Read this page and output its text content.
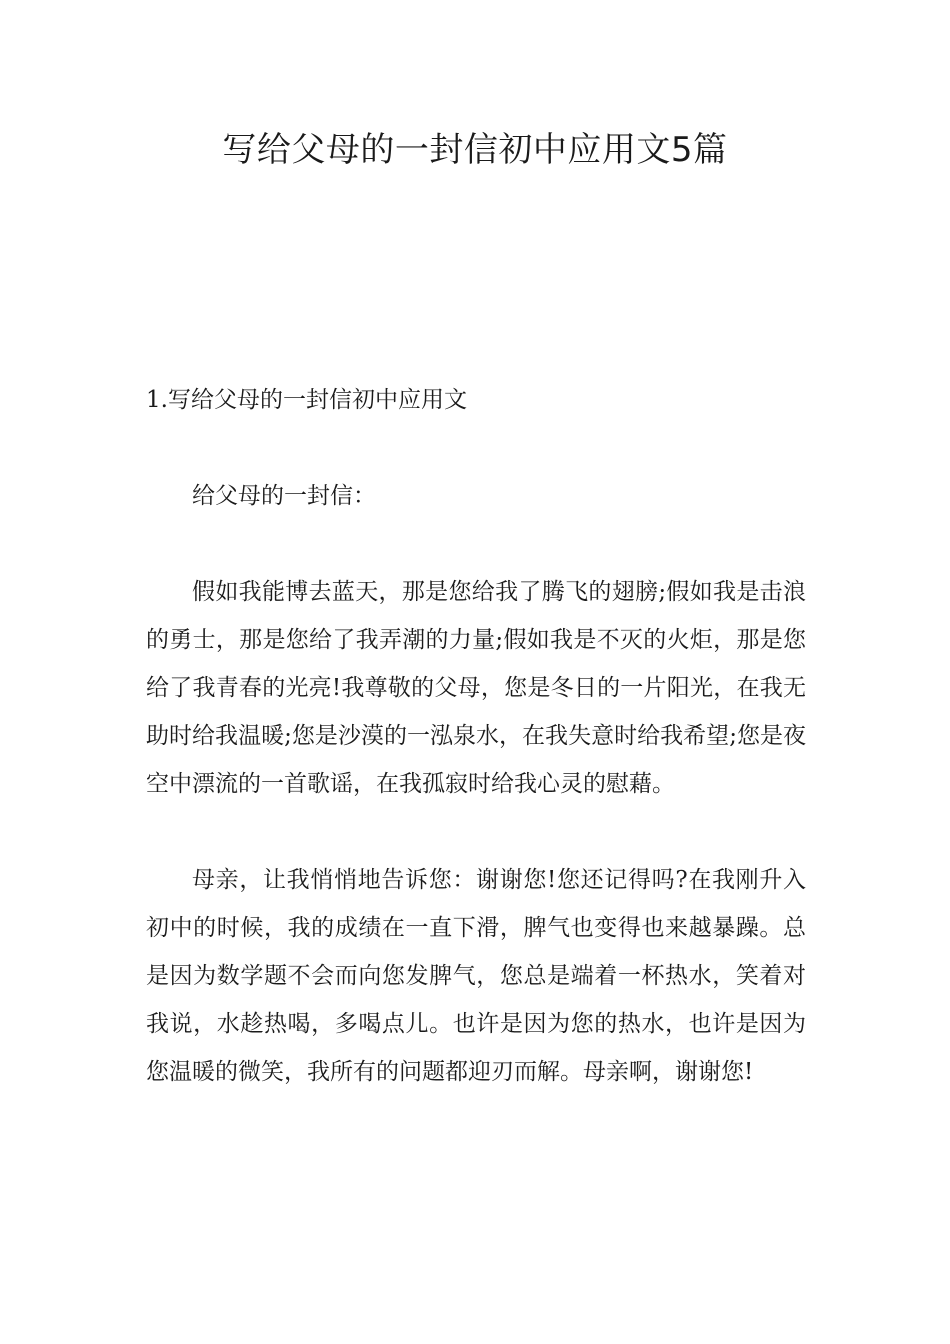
写给父母的一封信初中应用文5篇
1.写给父母的一封信初中应用文

给父母的一封信：

假如我能博去蓝天，那是您给我了腾飞的翅膀;假如我是击浪的勇士，那是您给了我弄潮的力量;假如我是不灭的火炬，那是您给了我青春的光亮!我尊敬的父母，您是冬日的一片阳光，在我无助时给我温暖;您是沙漠的一泓泉水，在我失意时给我希望;您是夜空中漂流的一首歌谣，在我孤寂时给我心灵的慰藉。

母亲，让我悄悄地告诉您：谢谢您!您还记得吗?在我刚升入初中的时候，我的成绩在一直下滑，脾气也变得也来越暴躁。总是因为数学题不会而向您发脾气，您总是端着一杯热水，笑着对我说，水趁热喝，多喝点儿。也许是因为您的热水，也许是因为您温暖的微笑，我所有的问题都迎刃而解。母亲啊，谢谢您!
